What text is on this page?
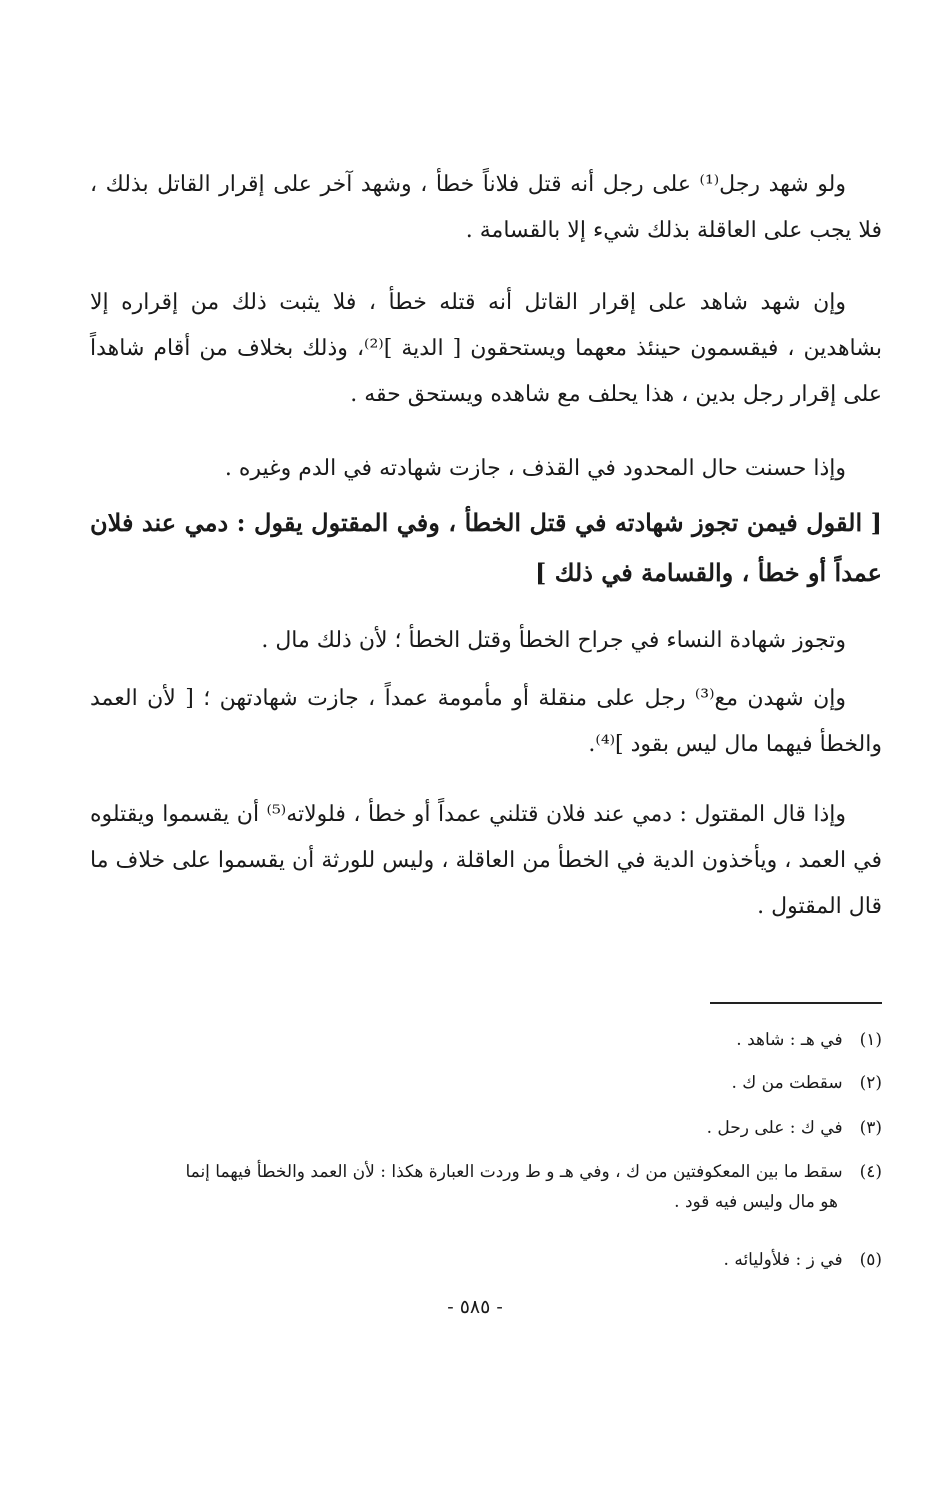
ولو شهد رجل⁽¹⁾ على رجل أنه قتل فلاناً خطأ ، وشهد آخر على إقرار القاتل بذلك ، فلا يجب على العاقلة بذلك شيء إلا بالقسامة .
وإن شهد شاهد على إقرار القاتل أنه قتله خطأ ، فلا يثبت ذلك من إقراره إلا بشاهدين ، فيقسمون حينئذ معهما ويستحقون [ الدية ]⁽²⁾، وذلك بخلاف من أقام شاهداً على إقرار رجل بدين ، هذا يحلف مع شاهده ويستحق حقه .
وإذا حسنت حال المحدود في القذف ، جازت شهادته في الدم وغيره .
[ القول فيمن تجوز شهادته في قتل الخطأ ، وفي المقتول يقول : دمي عند فلان عمداً أو خطأ ، والقسامة في ذلك ]
وتجوز شهادة النساء في جراح الخطأ وقتل الخطأ ؛ لأن ذلك مال .
وإن شهدن مع⁽³⁾ رجل على منقلة أو مأمومة عمداً ، جازت شهادتهن ؛ [ لأن العمد والخطأ فيهما مال ليس بقود ]⁽⁴⁾.
وإذا قال المقتول : دمي عند فلان قتلني عمداً أو خطأ ، فلولاته⁽⁵⁾ أن يقسموا ويقتلوه في العمد ، ويأخذون الدية في الخطأ من العاقلة ، وليس للورثة أن يقسموا على خلاف ما قال المقتول .
(١) في هـ : شاهد .
(٢) سقطت من ك .
(٣) في ك : على رحل .
(٤) سقط ما بين المعكوفتين من ك ، وفي هـ و ط وردت العبارة هكذا : لأن العمد والخطأ فيهما إنما
هو مال وليس فيه قود .
(٥) في ز : فلأوليائه .
- ٥٨٥ -
